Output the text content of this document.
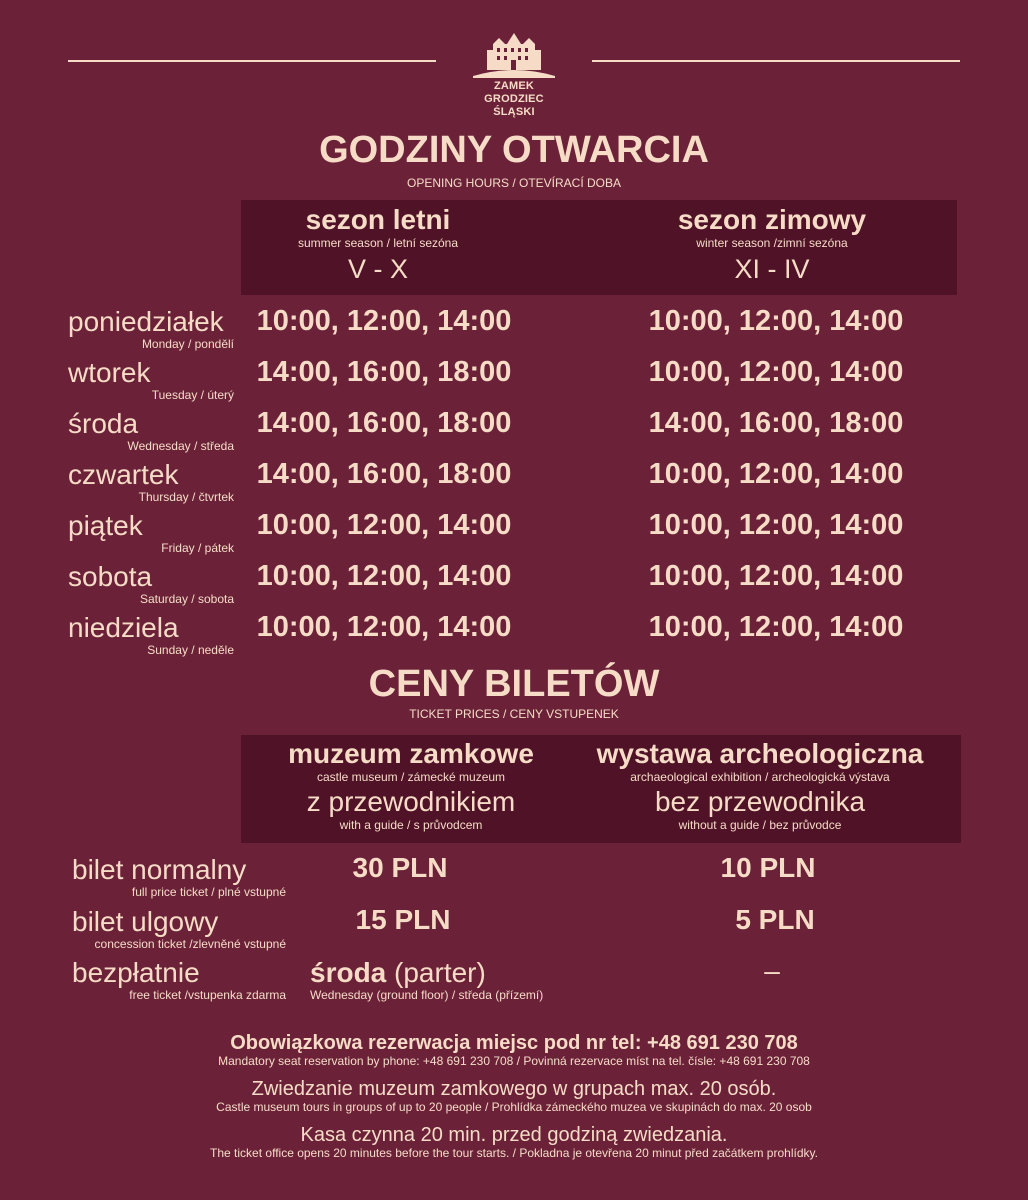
ZAMEK
GRODZIEC ŚLĄSKI
GODZINY OTWARCIA
OPENING HOURS / OTEVÍRACÍ DOBA
sezon letni
summer season / letní sezóna
V - X
sezon zimowy
winter season /zimní sezóna
XI - IV
poniedziałek
Monday / pondělí
10:00, 12:00, 14:00	10:00, 12:00, 14:00
wtorek
Tuesday / úterý
14:00, 16:00, 18:00	10:00, 12:00, 14:00
środa
Wednesday / středa
14:00, 16:00, 18:00	14:00, 16:00, 18:00
czwartek
Thursday / čtvrtek
14:00, 16:00, 18:00	10:00, 12:00, 14:00
piątek
Friday / pátek
10:00, 12:00, 14:00	10:00, 12:00, 14:00
sobota
Saturday / sobota
10:00, 12:00, 14:00	10:00, 12:00, 14:00
niedziela
Sunday / neděle
10:00, 12:00, 14:00	10:00, 12:00, 14:00
CENY BILETÓW
TICKET PRICES / CENY VSTUPENEK
muzeum zamkowe
castle museum / zámecké muzeum
z przewodnikiem
with a guide / s průvodcem
wystawa archeologiczna
archaeological exhibition / archeologická výstava
bez przewodnika
without a guide / bez průvodce
bilet normalny
full price ticket / plné vstupné
30 PLN	10 PLN
bilet ulgowy
concession ticket /zlevněné vstupné
15 PLN	5 PLN
bezpłatnie
free ticket /vstupenka zdarma
środa (parter)
Wednesday (ground floor) / středa (přízemí)
–
Obowiązkowa rezerwacja miejsc pod nr tel: +48 691 230 708
Mandatory seat reservation by phone: +48 691 230 708 / Povinná rezervace míst na tel. čísle: +48 691 230 708
Zwiedzanie muzeum zamkowego w grupach max. 20 osób.
Castle museum tours in groups of up to 20 people / Prohlídka zámeckého muzea ve skupinách do max. 20 osob
Kasa czynna 20 min. przed godziną zwiedzania.
The ticket office opens 20 minutes before the tour starts. / Pokladna je otevřena 20 minut před začátkem prohlídky.
